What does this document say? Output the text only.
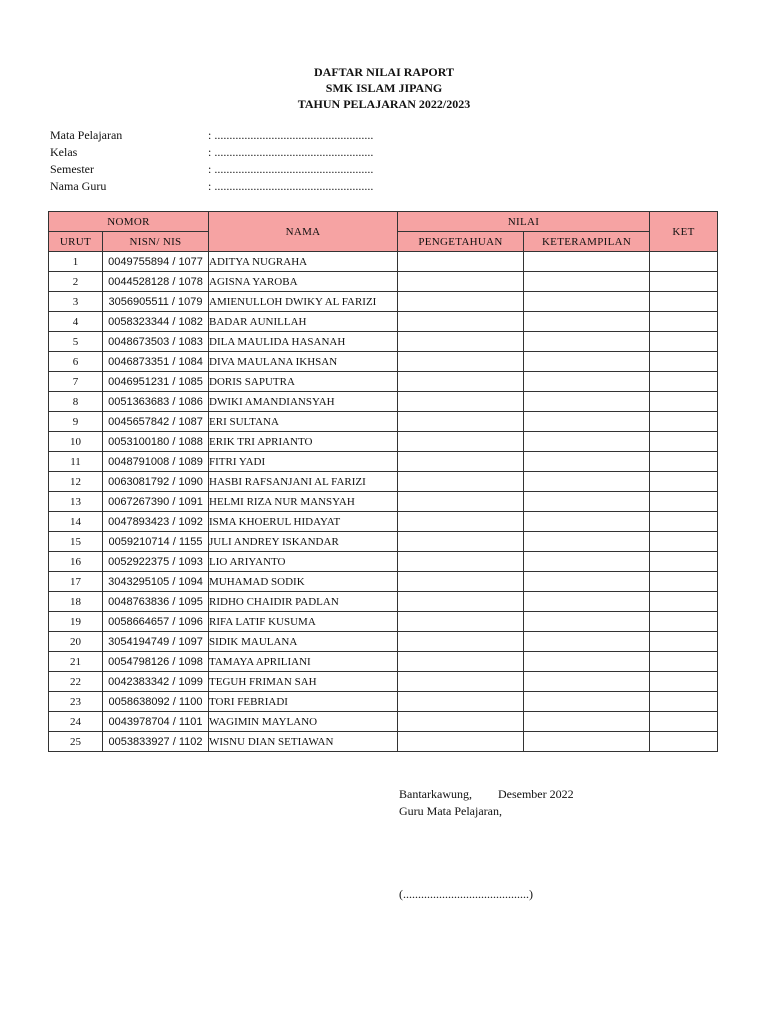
DAFTAR NILAI RAPORT
SMK ISLAM JIPANG
TAHUN PELAJARAN 2022/2023
Mata Pelajaran	: .....................................................
Kelas	: .....................................................
Semester	: .....................................................
Nama Guru	: .....................................................
NOMOR		NAMA	NILAI		KET
URUT	NISN/ NIS		PENGETAHUAN	KETERAMPILAN	
1	0049755894 / 1077	ADITYA NUGRAHA			
2	0044528128 / 1078	AGISNA YAROBA			
3	3056905511 / 1079	AMIENULLOH DWIKY AL FARIZI			
4	0058323344 / 1082	BADAR AUNILLAH			
5	0048673503 / 1083	DILA MAULIDA HASANAH			
6	0046873351 / 1084	DIVA MAULANA IKHSAN			
7	0046951231 / 1085	DORIS SAPUTRA			
8	0051363683 / 1086	DWIKI AMANDIANSYAH			
9	0045657842 / 1087	ERI SULTANA			
10	0053100180 / 1088	ERIK TRI APRIANTO			
11	0048791008 / 1089	FITRI YADI			
12	0063081792 / 1090	HASBI RAFSANJANI AL FARIZI			
13	0067267390 / 1091	HELMI RIZA NUR MANSYAH			
14	0047893423 / 1092	ISMA KHOERUL HIDAYAT			
15	0059210714 / 1155	JULI ANDREY ISKANDAR			
16	0052922375 / 1093	LIO ARIYANTO			
17	3043295105 / 1094	MUHAMAD SODIK			
18	0048763836 / 1095	RIDHO CHAIDIR PADLAN			
19	0058664657 / 1096	RIFA LATIF KUSUMA			
20	3054194749 / 1097	SIDIK MAULANA			
21	0054798126 / 1098	TAMAYA APRILIANI			
22	0042383342 / 1099	TEGUH FRIMAN SAH			
23	0058638092 / 1100	TORI FEBRIADI			
24	0043978704 / 1101	WAGIMIN MAYLANO			
25	0053833927 / 1102	WISNU DIAN SETIAWAN			
Bantarkawung, Desember 2022
Guru Mata Pelajaran,
(..........................................)
